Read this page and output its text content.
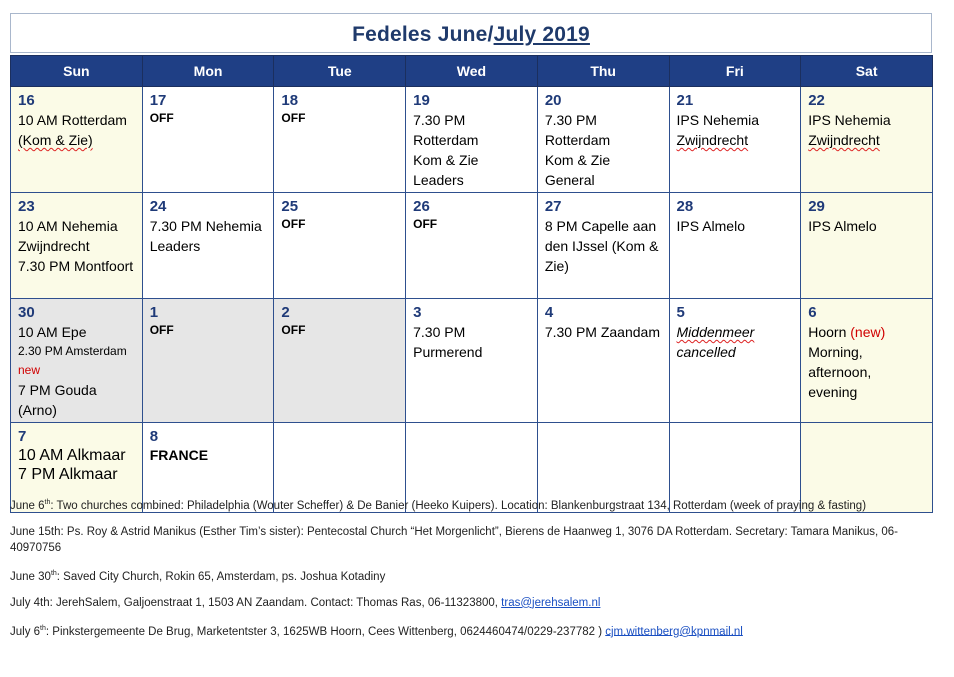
Fedeles June/July 2019
Sun	Mon	Tue	Wed	Thu	Fri	Sat

16
10 AM Rotterdam
(Kom & Zie)	17
OFF	18
OFF	19
7.30 PM Rotterdam
Kom & Zie Leaders	20
7.30 PM Rotterdam
Kom & Zie General	21
IPS Nehemia
Zwijndrecht	22
IPS Nehemia
Zwijndrecht

23
10 AM Nehemia
Zwijndrecht
7.30 PM Montfoort	24
7.30 PM Nehemia
Leaders	25
OFF	26
OFF	27
8 PM Capelle aan
den IJssel (Kom &
Zie)	28
IPS Almelo	29
IPS Almelo

30
10 AM Epe
2.30 PM Amsterdam new
7 PM Gouda (Arno)	1
OFF	2
OFF	3
7.30 PM Purmerend	4
7.30 PM Zaandam	5
Middenmeer
cancelled	6
Hoorn (new)
Morning, afternoon,
evening

7
10 AM Alkmaar
7 PM Alkmaar	8
FRANCE					

June 6th: Two churches combined: Philadelphia (Wouter Scheffer) & De Banier (Heeko Kuipers). Location: Blankenburgstraat 134, Rotterdam (week of praying & fasting)

June 15th: Ps. Roy & Astrid Manikus (Esther Tim’s sister): Pentecostal Church “Het Morgenlicht”, Bierens de Haanweg 1, 3076 DA Rotterdam. Secretary: Tamara Manikus, 06-40970756

June 30th: Saved City Church, Rokin 65, Amsterdam, ps. Joshua Kotadiny

July 4th: JerehSalem, Galjoenstraat 1, 1503 AN Zaandam. Contact: Thomas Ras, 06-11323800, tras@jerehsalem.nl

July 6th: Pinkstergemeente De Brug, Marketentster 3, 1625WB Hoorn, Cees Wittenberg, 0624460474/0229-237782 ) cjm.wittenberg@kpnmail.nl
